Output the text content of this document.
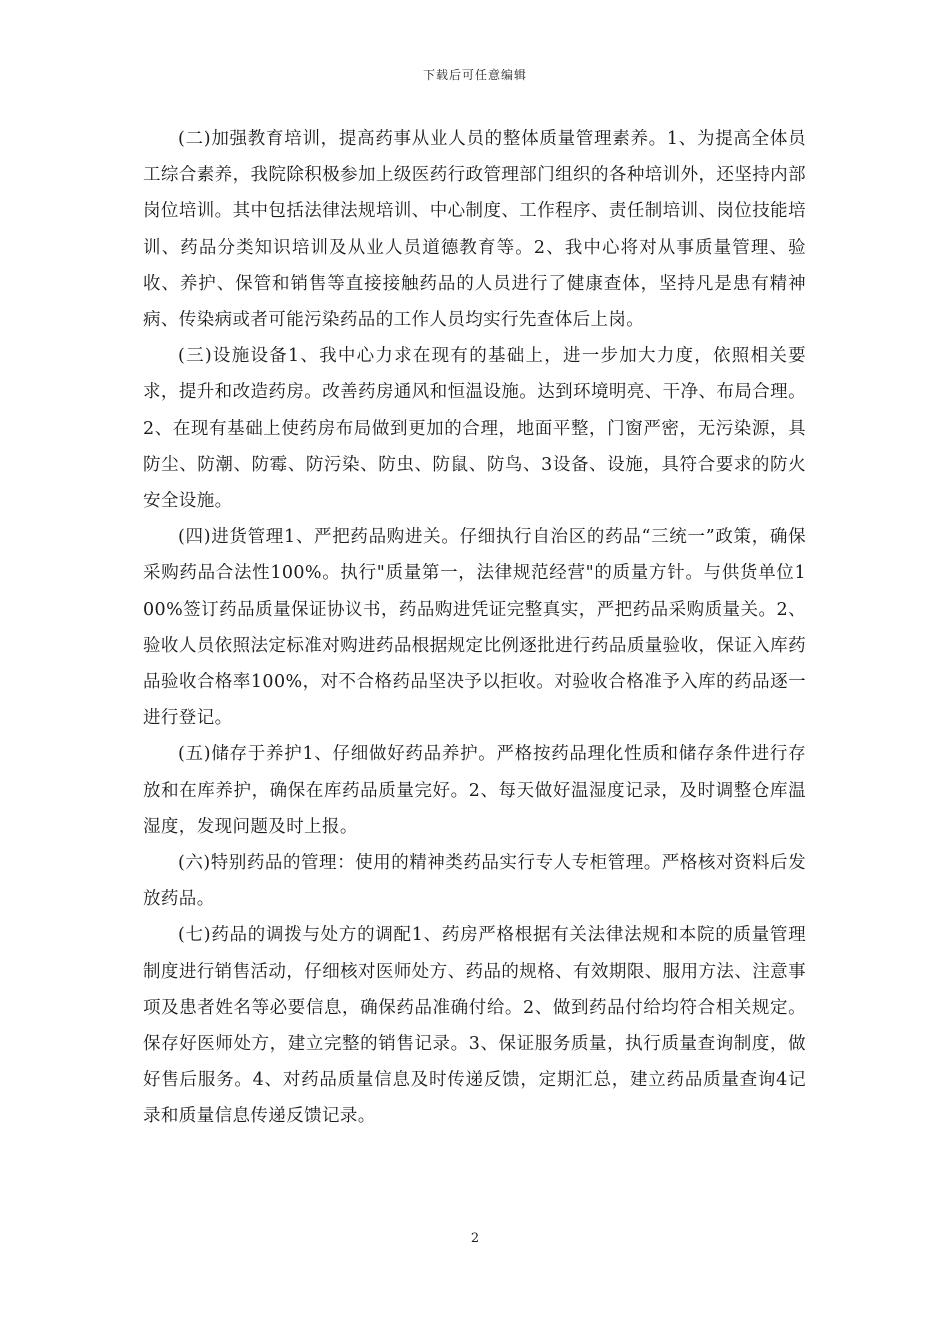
下载后可任意编辑

(二)加强教育培训，提高药事从业人员的整体质量管理素养。1、为提高全体员工综合素养，我院除积极参加上级医药行政管理部门组织的各种培训外，还坚持内部岗位培训。其中包括法律法规培训、中心制度、工作程序、责任制培训、岗位技能培训、药品分类知识培训及从业人员道德教育等。2、我中心将对从事质量管理、验收、养护、保管和销售等直接接触药品的人员进行了健康查体，坚持凡是患有精神病、传染病或者可能污染药品的工作人员均实行先查体后上岗。

(三)设施设备1、我中心力求在现有的基础上，进一步加大力度，依照相关要求，提升和改造药房。改善药房通风和恒温设施。达到环境明亮、干净、布局合理。2、在现有基础上使药房布局做到更加的合理，地面平整，门窗严密，无污染源，具防尘、防潮、防霉、防污染、防虫、防鼠、防鸟、3设备、设施，具符合要求的防火安全设施。

(四)进货管理1、严把药品购进关。仔细执行自治区的药品“三统一”政策，确保采购药品合法性100%。执行"质量第一，法律规范经营"的质量方针。与供货单位100%签订药品质量保证协议书，药品购进凭证完整真实，严把药品采购质量关。2、验收人员依照法定标准对购进药品根据规定比例逐批进行药品质量验收，保证入库药品验收合格率100%，对不合格药品坚决予以拒收。对验收合格准予入库的药品逐一进行登记。

(五)储存于养护1、仔细做好药品养护。严格按药品理化性质和储存条件进行存放和在库养护，确保在库药品质量完好。2、每天做好温湿度记录，及时调整仓库温湿度，发现问题及时上报。

(六)特别药品的管理：使用的精神类药品实行专人专柜管理。严格核对资料后发放药品。

(七)药品的调拨与处方的调配1、药房严格根据有关法律法规和本院的质量管理制度进行销售活动，仔细核对医师处方、药品的规格、有效期限、服用方法、注意事项及患者姓名等必要信息，确保药品准确付给。2、做到药品付给均符合相关规定。保存好医师处方，建立完整的销售记录。3、保证服务质量，执行质量查询制度，做好售后服务。4、对药品质量信息及时传递反馈，定期汇总，建立药品质量查询4记录和质量信息传递反馈记录。

2
